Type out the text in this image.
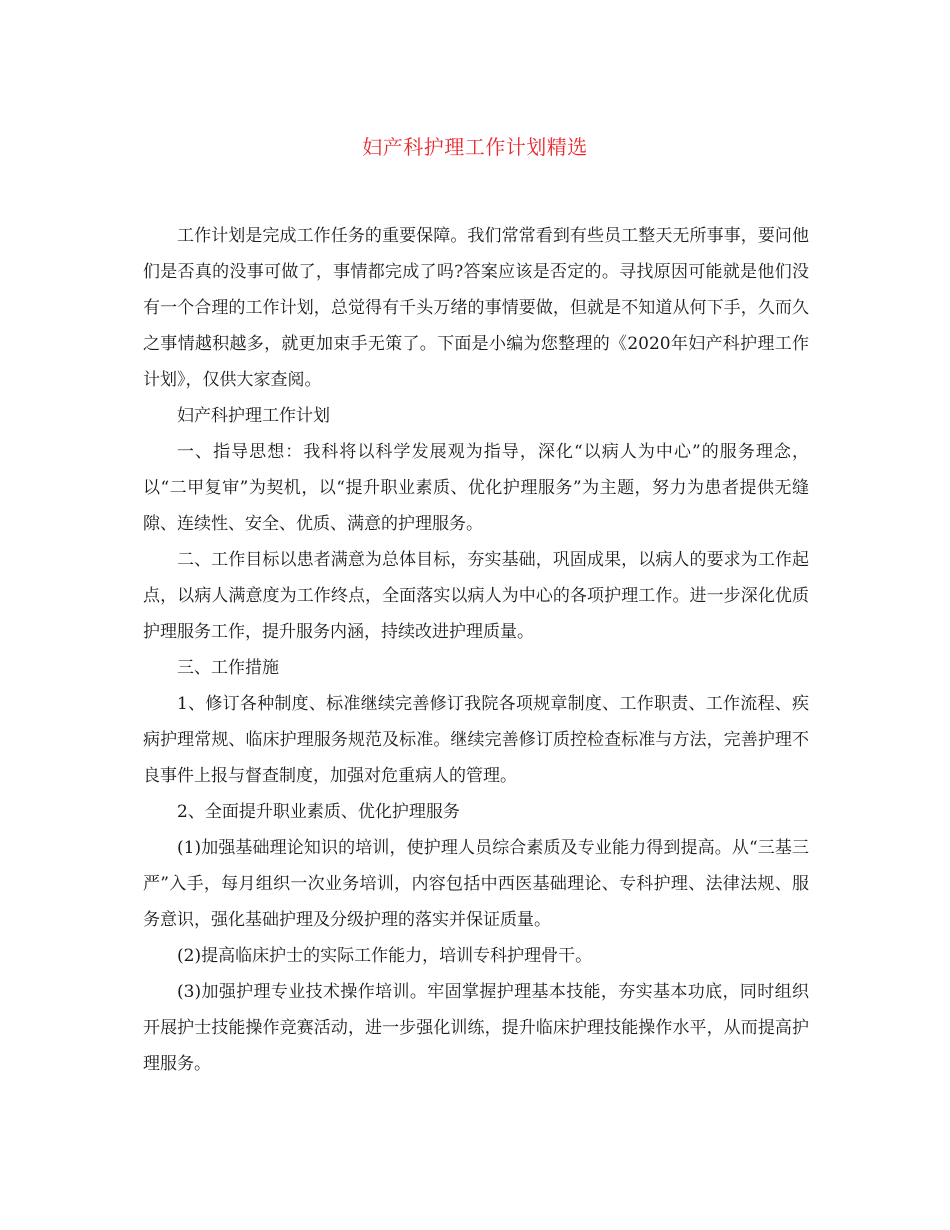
妇产科护理工作计划精选

工作计划是完成工作任务的重要保障。我们常常看到有些员工整天无所事事，要问他们是否真的没事可做了，事情都完成了吗?答案应该是否定的。寻找原因可能就是他们没有一个合理的工作计划，总觉得有千头万绪的事情要做，但就是不知道从何下手，久而久之事情越积越多，就更加束手无策了。下面是小编为您整理的《2020年妇产科护理工作计划》，仅供大家查阅。

妇产科护理工作计划

一、指导思想：我科将以科学发展观为指导，深化“以病人为中心”的服务理念，以“二甲复审”为契机，以“提升职业素质、优化护理服务”为主题，努力为患者提供无缝隙、连续性、安全、优质、满意的护理服务。

二、工作目标以患者满意为总体目标，夯实基础，巩固成果，以病人的要求为工作起点，以病人满意度为工作终点，全面落实以病人为中心的各项护理工作。进一步深化优质护理服务工作，提升服务内涵，持续改进护理质量。

三、工作措施

1、修订各种制度、标准继续完善修订我院各项规章制度、工作职责、工作流程、疾病护理常规、临床护理服务规范及标准。继续完善修订质控检查标准与方法，完善护理不良事件上报与督查制度，加强对危重病人的管理。

2、全面提升职业素质、优化护理服务

(1)加强基础理论知识的培训，使护理人员综合素质及专业能力得到提高。从“三基三严”入手，每月组织一次业务培训，内容包括中西医基础理论、专科护理、法律法规、服务意识，强化基础护理及分级护理的落实并保证质量。

(2)提高临床护士的实际工作能力，培训专科护理骨干。

(3)加强护理专业技术操作培训。牢固掌握护理基本技能，夯实基本功底，同时组织开展护士技能操作竞赛活动，进一步强化训练，提升临床护理技能操作水平，从而提高护理服务。
